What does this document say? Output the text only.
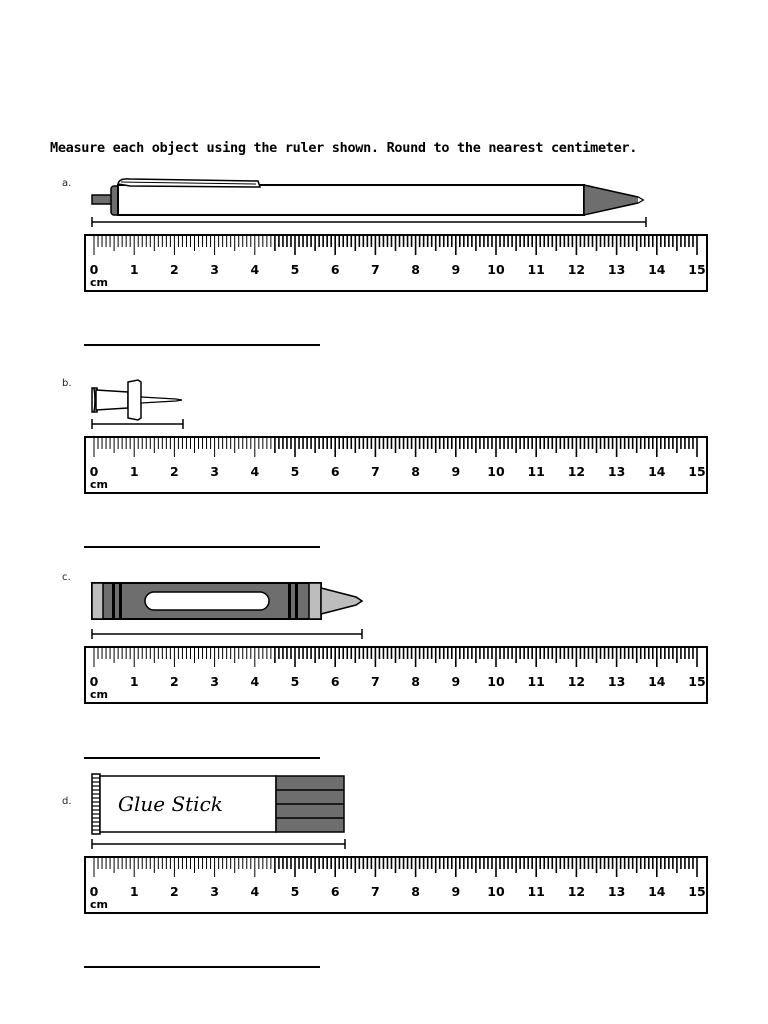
Measure each object using the ruler shown. Round to the nearest centimeter.
a.
0	1	2	3	4	5	6	7	8	9 10 11 12 13 14 15
cm
b.
0	1	2	3	4	5	6	7	8	9 10 11 12 13 14 15
cm
c.
0	1	2	3	4	5	6	7	8	9 10 11 12 13 14 15
cm
d. Glue Stick
0	1	2	3	4	5	6	7	8	9 10 11 12 13 14 15
cm
